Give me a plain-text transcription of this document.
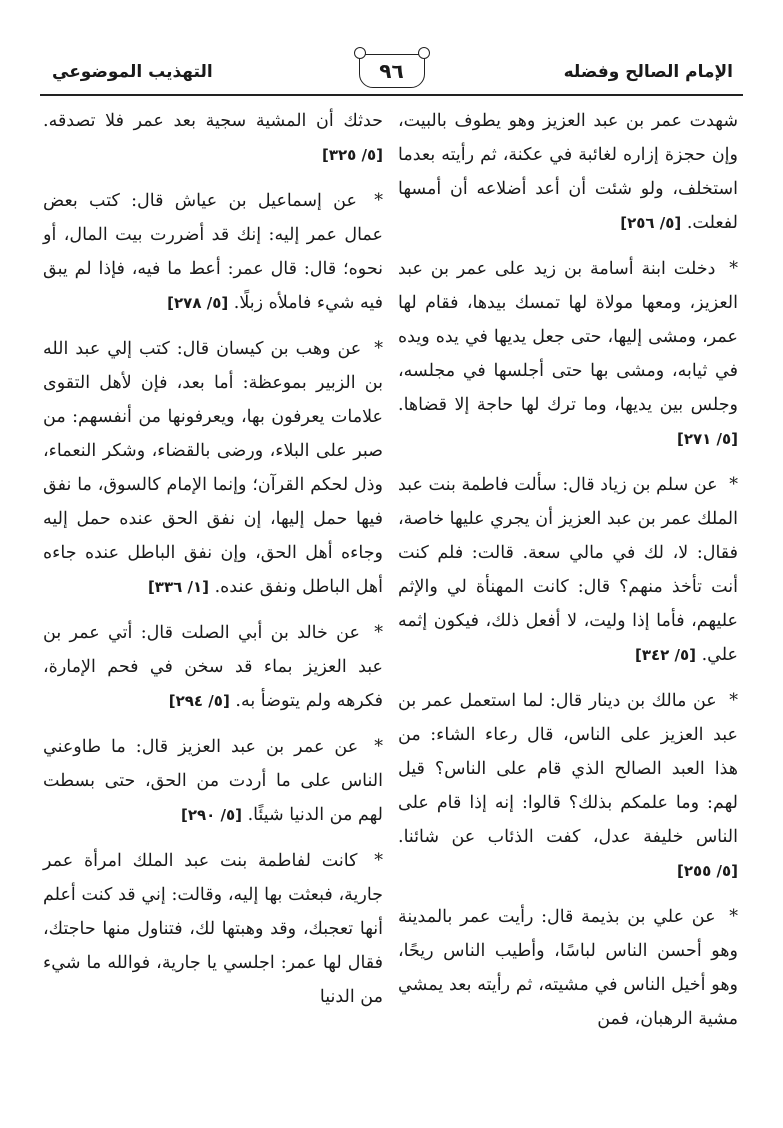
الإمام الصالح وفضله
٩٦
التهذيب الموضوعي

شهدت عمر بن عبد العزيز وهو يطوف بالبيت، وإن حجزة إزاره لغائبة في عكنة، ثم رأيته بعدما استخلف، ولو شئت أن أعد أضلاعه أن أمسها لفعلت. [٥/ ٢٥٦]

* دخلت ابنة أسامة بن زيد على عمر بن عبد العزيز، ومعها مولاة لها تمسك بيدها، فقام لها عمر، ومشى إليها، حتى جعل يديها في يده ويده في ثيابه، ومشى بها حتى أجلسها في مجلسه، وجلس بين يديها، وما ترك لها حاجة إلا قضاها. [٥/ ٢٧١]

* عن سلم بن زياد قال: سألت فاطمة بنت عبد الملك عمر بن عبد العزيز أن يجري عليها خاصة، فقال: لا، لك في مالي سعة. قالت: فلم كنت أنت تأخذ منهم؟ قال: كانت المهنأة لي والإثم عليهم، فأما إذا وليت، لا أفعل ذلك، فيكون إثمه علي. [٥/ ٣٤٢]

* عن مالك بن دينار قال: لما استعمل عمر بن عبد العزيز على الناس، قال رعاء الشاء: من هذا العبد الصالح الذي قام على الناس؟ قيل لهم: وما علمكم بذلك؟ قالوا: إنه إذا قام على الناس خليفة عدل، كفت الذئاب عن شائنا. [٥/ ٢٥٥]

* عن علي بن بذيمة قال: رأيت عمر بالمدينة وهو أحسن الناس لباسًا، وأطيب الناس ريحًا، وهو أخيل الناس في مشيته، ثم رأيته بعد يمشي مشية الرهبان، فمن

حدثك أن المشية سجية بعد عمر فلا تصدقه. [٥/ ٣٢٥]

* عن إسماعيل بن عياش قال: كتب بعض عمال عمر إليه: إنك قد أضررت بيت المال، أو نحوه؛ قال: قال عمر: أعط ما فيه، فإذا لم يبق فيه شيء فاملأه زبلًا. [٥/ ٢٧٨]

* عن وهب بن كيسان قال: كتب إلي عبد الله بن الزبير بموعظة: أما بعد، فإن لأهل التقوى علامات يعرفون بها، ويعرفونها من أنفسهم: من صبر على البلاء، ورضى بالقضاء، وشكر النعماء، وذل لحكم القرآن؛ وإنما الإمام كالسوق، ما نفق فيها حمل إليها، إن نفق الحق عنده حمل إليه وجاءه أهل الحق، وإن نفق الباطل عنده جاءه أهل الباطل ونفق عنده. [١/ ٣٣٦]

* عن خالد بن أبي الصلت قال: أتي عمر بن عبد العزيز بماء قد سخن في فحم الإمارة، فكرهه ولم يتوضأ به. [٥/ ٢٩٤]

* عن عمر بن عبد العزيز قال: ما طاوعني الناس على ما أردت من الحق، حتى بسطت لهم من الدنيا شيئًا. [٥/ ٢٩٠]

* كانت لفاطمة بنت عبد الملك امرأة عمر جارية، فبعثت بها إليه، وقالت: إني قد كنت أعلم أنها تعجبك، وقد وهبتها لك، فتناول منها حاجتك، فقال لها عمر: اجلسي يا جارية، فوالله ما شيء من الدنيا
